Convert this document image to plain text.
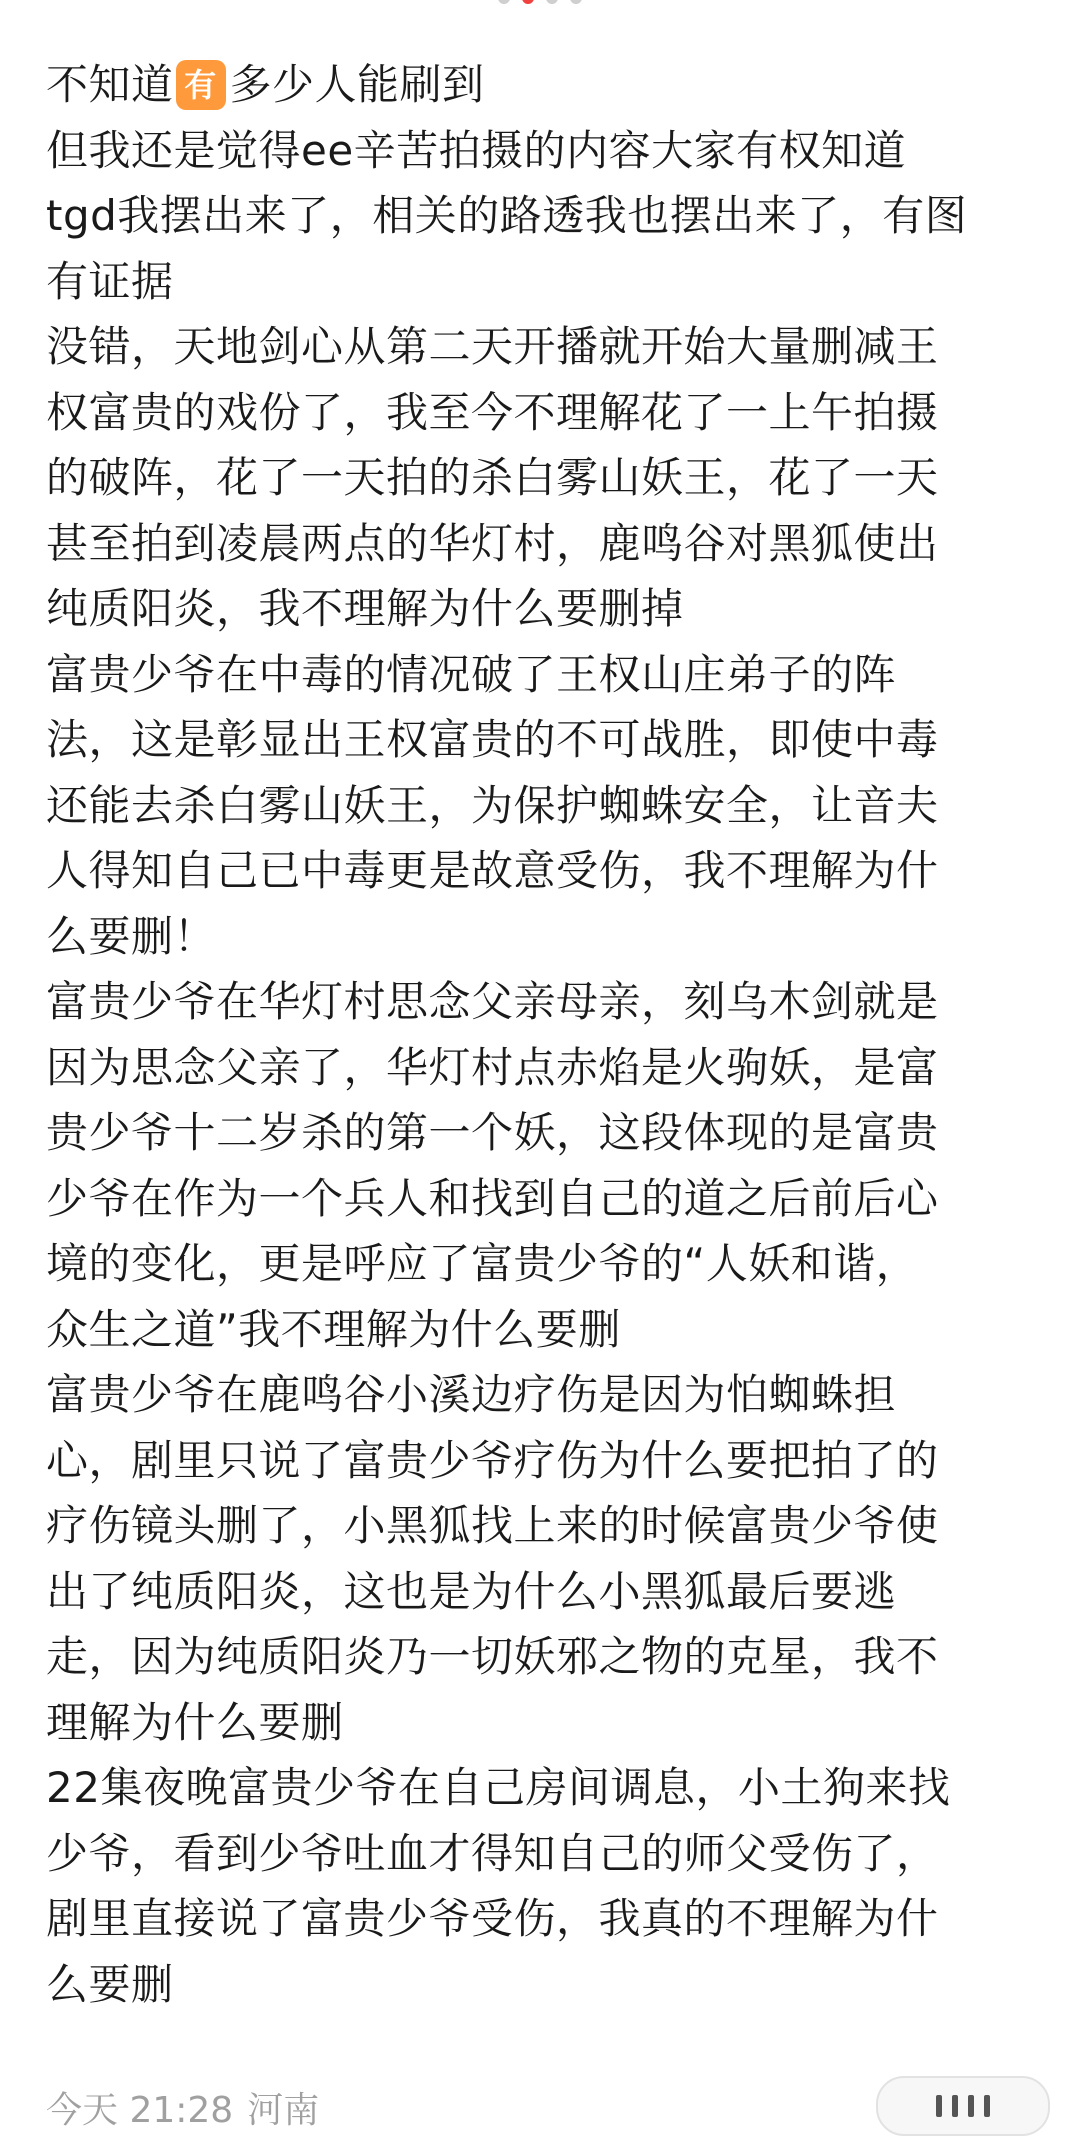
不知道 有 多少人能刷到
但我还是觉得ee辛苦拍摄的内容大家有权知道
tgd我摆出来了，相关的路透我也摆出来了，有图
有证据
没错，天地剑心从第二天开播就开始大量删减王
权富贵的戏份了，我至今不理解花了一上午拍摄
的破阵，花了一天拍的杀白雾山妖王，花了一天
甚至拍到凌晨两点的华灯村，鹿鸣谷对黑狐使出
纯质阳炎，我不理解为什么要删掉
富贵少爷在中毒的情况破了王权山庄弟子的阵
法，这是彰显出王权富贵的不可战胜，即使中毒
还能去杀白雾山妖王，为保护蜘蛛安全，让音夫
人得知自己已中毒更是故意受伤，我不理解为什
么要删！
富贵少爷在华灯村思念父亲母亲，刻乌木剑就是
因为思念父亲了，华灯村点赤焰是火驹妖，是富
贵少爷十二岁杀的第一个妖，这段体现的是富贵
少爷在作为一个兵人和找到自己的道之后前后心
境的变化，更是呼应了富贵少爷的“人妖和谐，
众生之道”我不理解为什么要删
富贵少爷在鹿鸣谷小溪边疗伤是因为怕蜘蛛担
心，剧里只说了富贵少爷疗伤为什么要把拍了的
疗伤镜头删了，小黑狐找上来的时候富贵少爷使
出了纯质阳炎，这也是为什么小黑狐最后要逃
走，因为纯质阳炎乃一切妖邪之物的克星，我不
理解为什么要删
22集夜晚富贵少爷在自己房间调息，小土狗来找
少爷，看到少爷吐血才得知自己的师父受伤了，
剧里直接说了富贵少爷受伤，我真的不理解为什
么要删
今天 21:28 河南
